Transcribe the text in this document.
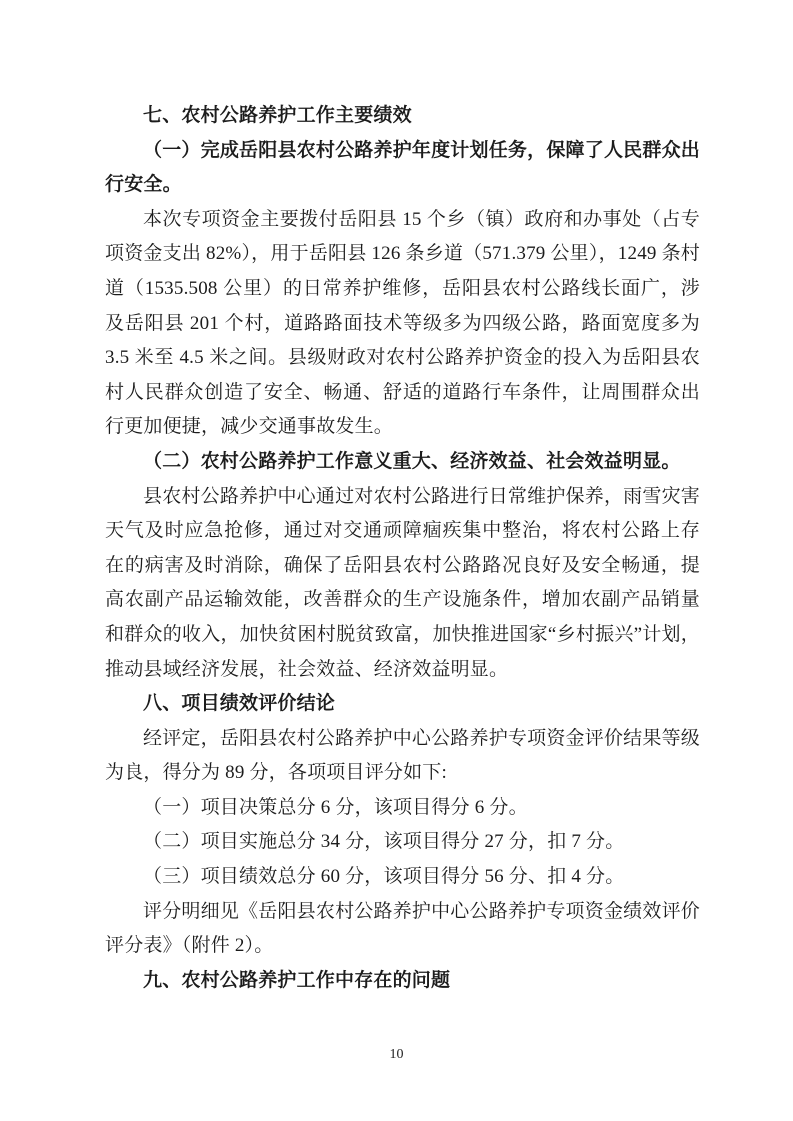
七、农村公路养护工作主要绩效

（一）完成岳阳县农村公路养护年度计划任务，保障了人民群众出行安全。

本次专项资金主要拨付岳阳县 15 个乡（镇）政府和办事处（占专项资金支出 82%），用于岳阳县 126 条乡道（571.379 公里），1249 条村道（1535.508 公里）的日常养护维修，岳阳县农村公路线长面广，涉及岳阳县 201 个村，道路路面技术等级多为四级公路，路面宽度多为 3.5 米至 4.5 米之间。县级财政对农村公路养护资金的投入为岳阳县农村人民群众创造了安全、畅通、舒适的道路行车条件，让周围群众出行更加便捷，减少交通事故发生。

（二）农村公路养护工作意义重大、经济效益、社会效益明显。

县农村公路养护中心通过对农村公路进行日常维护保养，雨雪灾害天气及时应急抢修，通过对交通顽障痼疾集中整治，将农村公路上存在的病害及时消除，确保了岳阳县农村公路路况良好及安全畅通，提高农副产品运输效能，改善群众的生产设施条件，增加农副产品销量和群众的收入，加快贫困村脱贫致富，加快推进国家“乡村振兴”计划，推动县域经济发展，社会效益、经济效益明显。

八、项目绩效评价结论

经评定，岳阳县农村公路养护中心公路养护专项资金评价结果等级为良，得分为 89 分，各项项目评分如下:

（一）项目决策总分 6 分，该项目得分 6 分。

（二）项目实施总分 34 分，该项目得分 27 分，扣 7 分。

（三）项目绩效总分 60 分，该项目得分 56 分、扣 4 分。

评分明细见《岳阳县农村公路养护中心公路养护专项资金绩效评价评分表》（附件 2）。

九、农村公路养护工作中存在的问题

10
